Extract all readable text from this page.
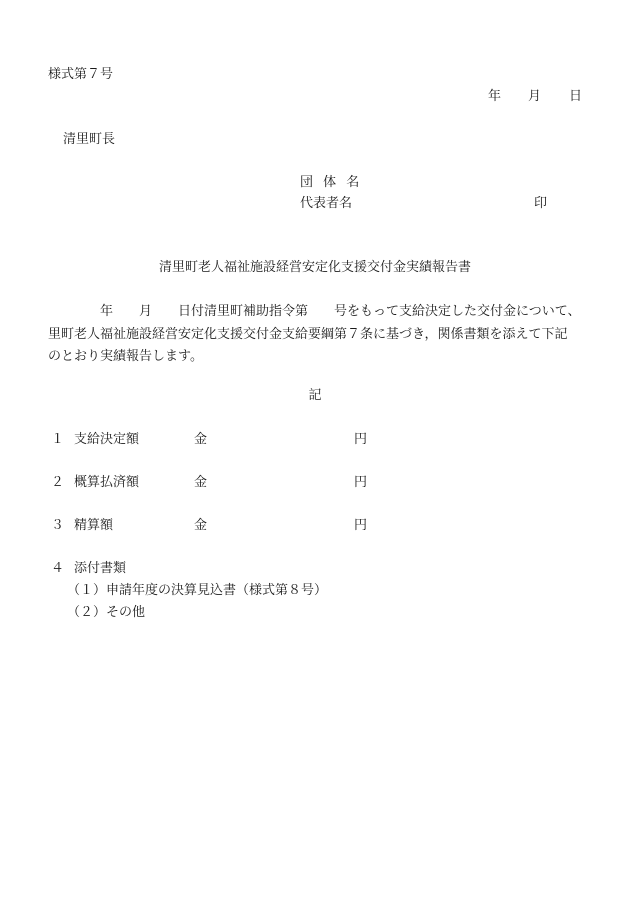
様式第７号
年 月 日
清里町長
団 体 名
代表者名	印
清里町老人福祉施設経営安定化支援交付金実績報告書
　　　　年　　月　　日付清里町補助指令第　　号をもって支給決定した交付金について、
里町老人福祉施設経営安定化支援交付金支給要綱第７条に基づき，関係書類を添えて下記
のとおり実績報告します。
記
１ 支給決定額	金	円
２ 概算払済額	金	円
３ 精算額	金	円
４ 添付書類
（１）申請年度の決算見込書（様式第８号）
（２）その他
